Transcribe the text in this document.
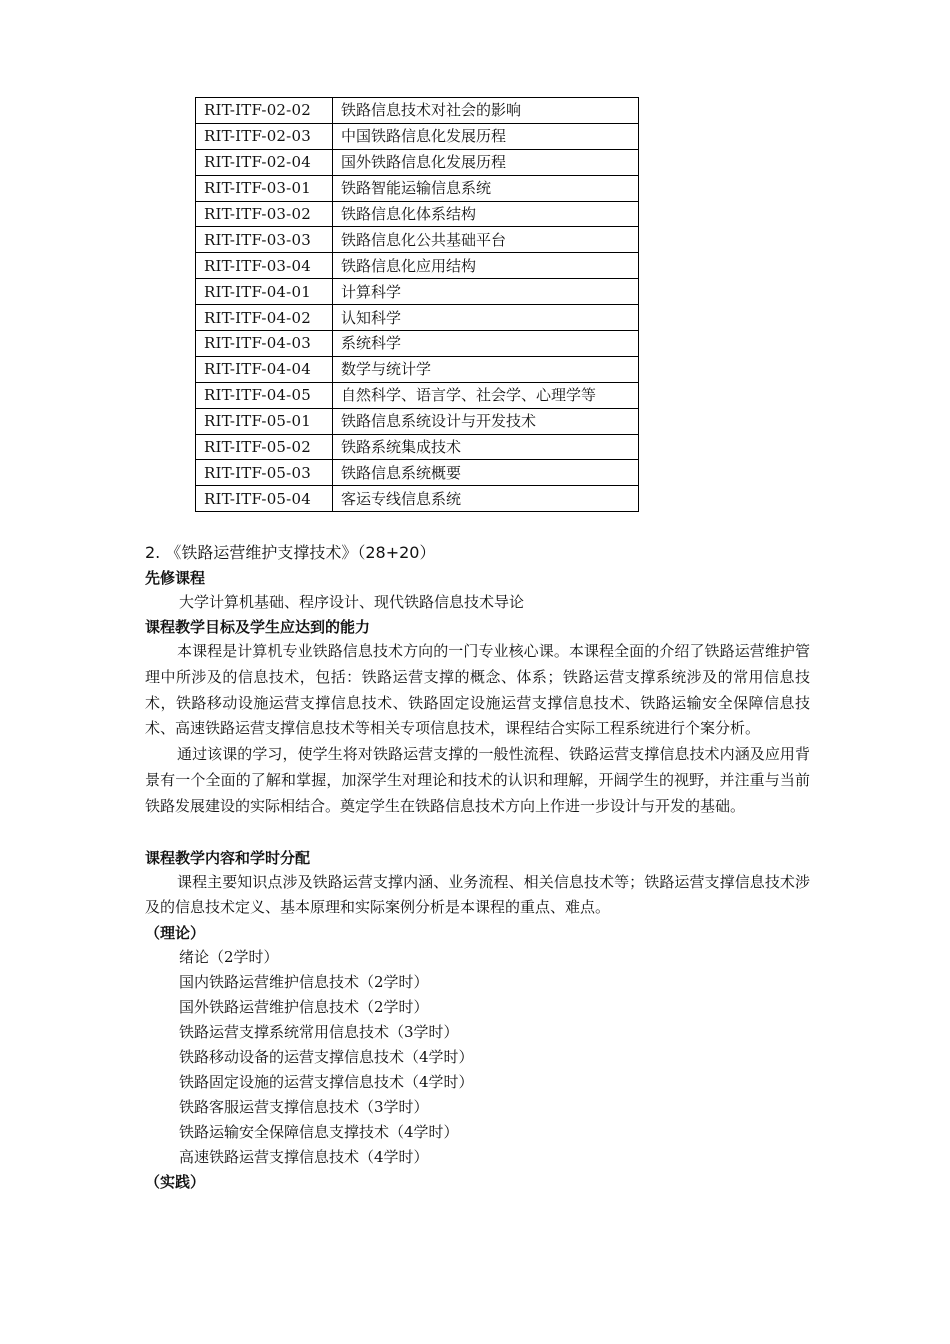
RIT-ITF-02-02	铁路信息技术对社会的影响
RIT-ITF-02-03	中国铁路信息化发展历程
RIT-ITF-02-04	国外铁路信息化发展历程
RIT-ITF-03-01	铁路智能运输信息系统
RIT-ITF-03-02	铁路信息化体系结构
RIT-ITF-03-03	铁路信息化公共基础平台
RIT-ITF-03-04	铁路信息化应用结构
RIT-ITF-04-01	计算科学
RIT-ITF-04-02	认知科学
RIT-ITF-04-03	系统科学
RIT-ITF-04-04	数学与统计学
RIT-ITF-04-05	自然科学、语言学、社会学、心理学等
RIT-ITF-05-01	铁路信息系统设计与开发技术
RIT-ITF-05-02	铁路系统集成技术
RIT-ITF-05-03	铁路信息系统概要
RIT-ITF-05-04	客运专线信息系统
2. 《铁路运营维护支撑技术》（28+20）
先修课程
大学计算机基础、程序设计、现代铁路信息技术导论
课程教学目标及学生应达到的能力

本课程是计算机专业铁路信息技术方向的一门专业核心课。本课程全面的介绍了铁路运营维护管理中所涉及的信息技术，包括：铁路运营支撑的概念、体系；铁路运营支撑系统涉及的常用信息技术，铁路移动设施运营支撑信息技术、铁路固定设施运营支撑信息技术、铁路运输安全保障信息技术、高速铁路运营支撑信息技术等相关专项信息技术，课程结合实际工程系统进行个案分析。

通过该课的学习，使学生将对铁路运营支撑的一般性流程、铁路运营支撑信息技术内涵及应用背景有一个全面的了解和掌握，加深学生对理论和技术的认识和理解，开阔学生的视野，并注重与当前铁路发展建设的实际相结合。奠定学生在铁路信息技术方向上作进一步设计与开发的基础。

课程教学内容和学时分配

课程主要知识点涉及铁路运营支撑内涵、业务流程、相关信息技术等；铁路运营支撑信息技术涉及的信息技术定义、基本原理和实际案例分析是本课程的重点、难点。

（理论）
绪论（2学时）
国内铁路运营维护信息技术（2学时）
国外铁路运营维护信息技术（2学时）
铁路运营支撑系统常用信息技术（3学时）
铁路移动设备的运营支撑信息技术（4学时）
铁路固定设施的运营支撑信息技术（4学时）
铁路客服运营支撑信息技术（3学时）
铁路运输安全保障信息支撑技术（4学时）
高速铁路运营支撑信息技术（4学时）
（实践）
